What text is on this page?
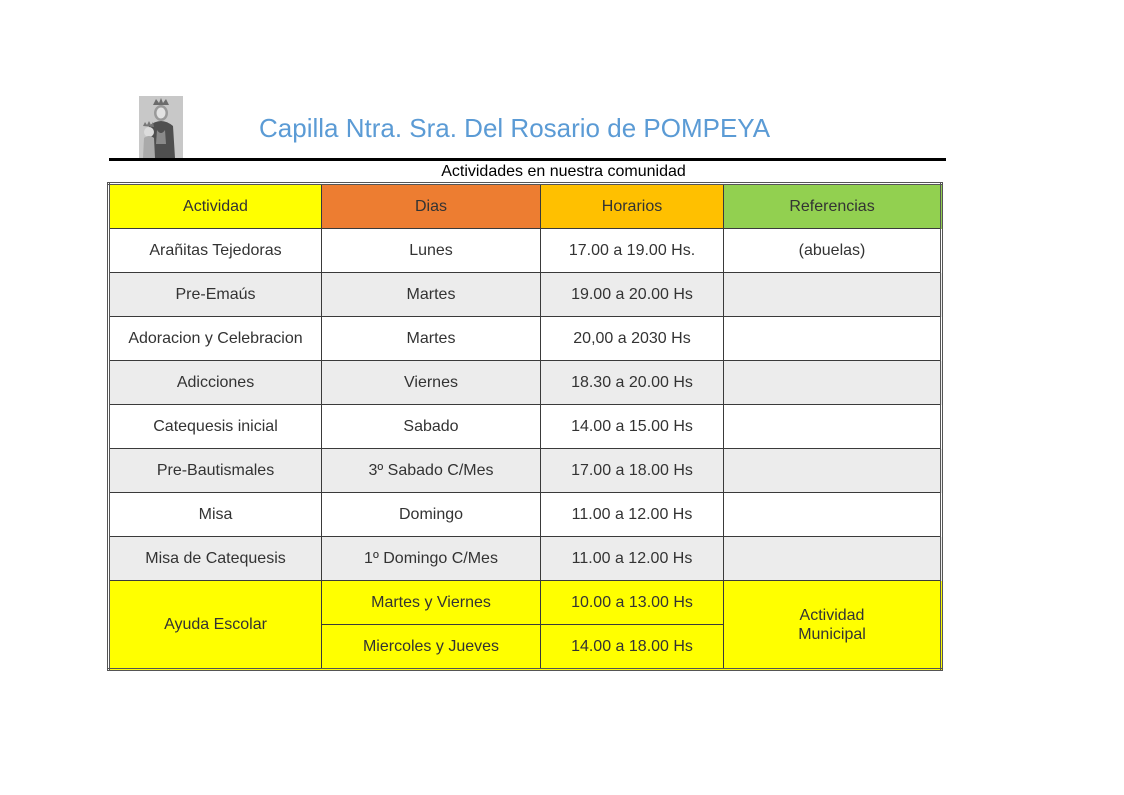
Capilla Ntra. Sra. Del Rosario de POMPEYA
Actividades en nuestra comunidad
Actividad	Dias	Horarios	Referencias
Arañitas Tejedoras	Lunes	17.00 a 19.00 Hs.	(abuelas)
Pre-Emaús	Martes	19.00 a 20.00 Hs	
Adoracion y Celebracion	Martes	20,00 a 2030 Hs	
Adicciones	Viernes	18.30 a 20.00 Hs	
Catequesis inicial	Sabado	14.00 a 15.00 Hs	
Pre-Bautismales	3º Sabado C/Mes	17.00 a 18.00 Hs	
Misa	Domingo	11.00 a 12.00 Hs	
Misa de Catequesis	1º Domingo C/Mes	11.00 a 12.00 Hs	
Ayuda Escolar	Martes y Viernes	10.00 a 13.00 Hs	Actividad
Municipal

	Miercoles y Jueves	14.00 a 18.00 Hs	
